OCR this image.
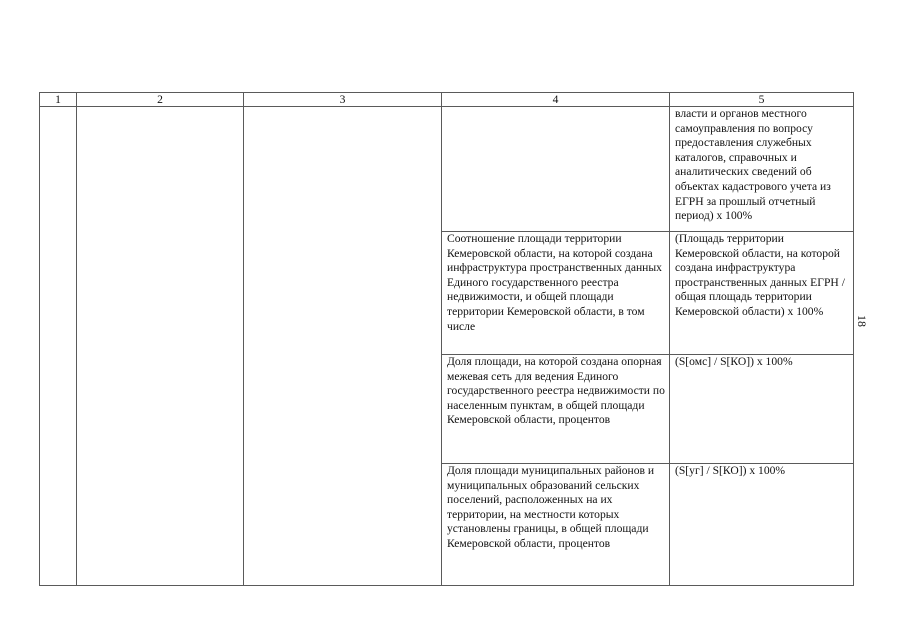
1	2	3	4	5
				власти и органов местного самоуправления по вопросу предоставления служебных каталогов, справочных и аналитических сведений об объектах кадастрового учета из ЕГРН за прошлый отчетный период) x 100%
			Соотношение площади территории Кемеровской области, на которой создана инфраструктура пространственных данных Единого государственного реестра недвижимости, и общей площади территории Кемеровской области, в том числе	(Площадь территории Кемеровской области, на которой создана инфраструктура пространственных данных ЕГРН / общая площадь территории Кемеровской области) x 100%
			Доля площади, на которой создана опорная межевая сеть для ведения Единого государственного реестра недвижимости по населенным пунктам, в общей площади Кемеровской области, процентов	(S[омс] / S[КО]) x 100%
			Доля площади муниципальных районов и муниципальных образований сельских поселений, расположенных на их территории, на местности которых установлены границы, в общей площади Кемеровской области, процентов	(S[уг] / S[КО]) x 100%
18
